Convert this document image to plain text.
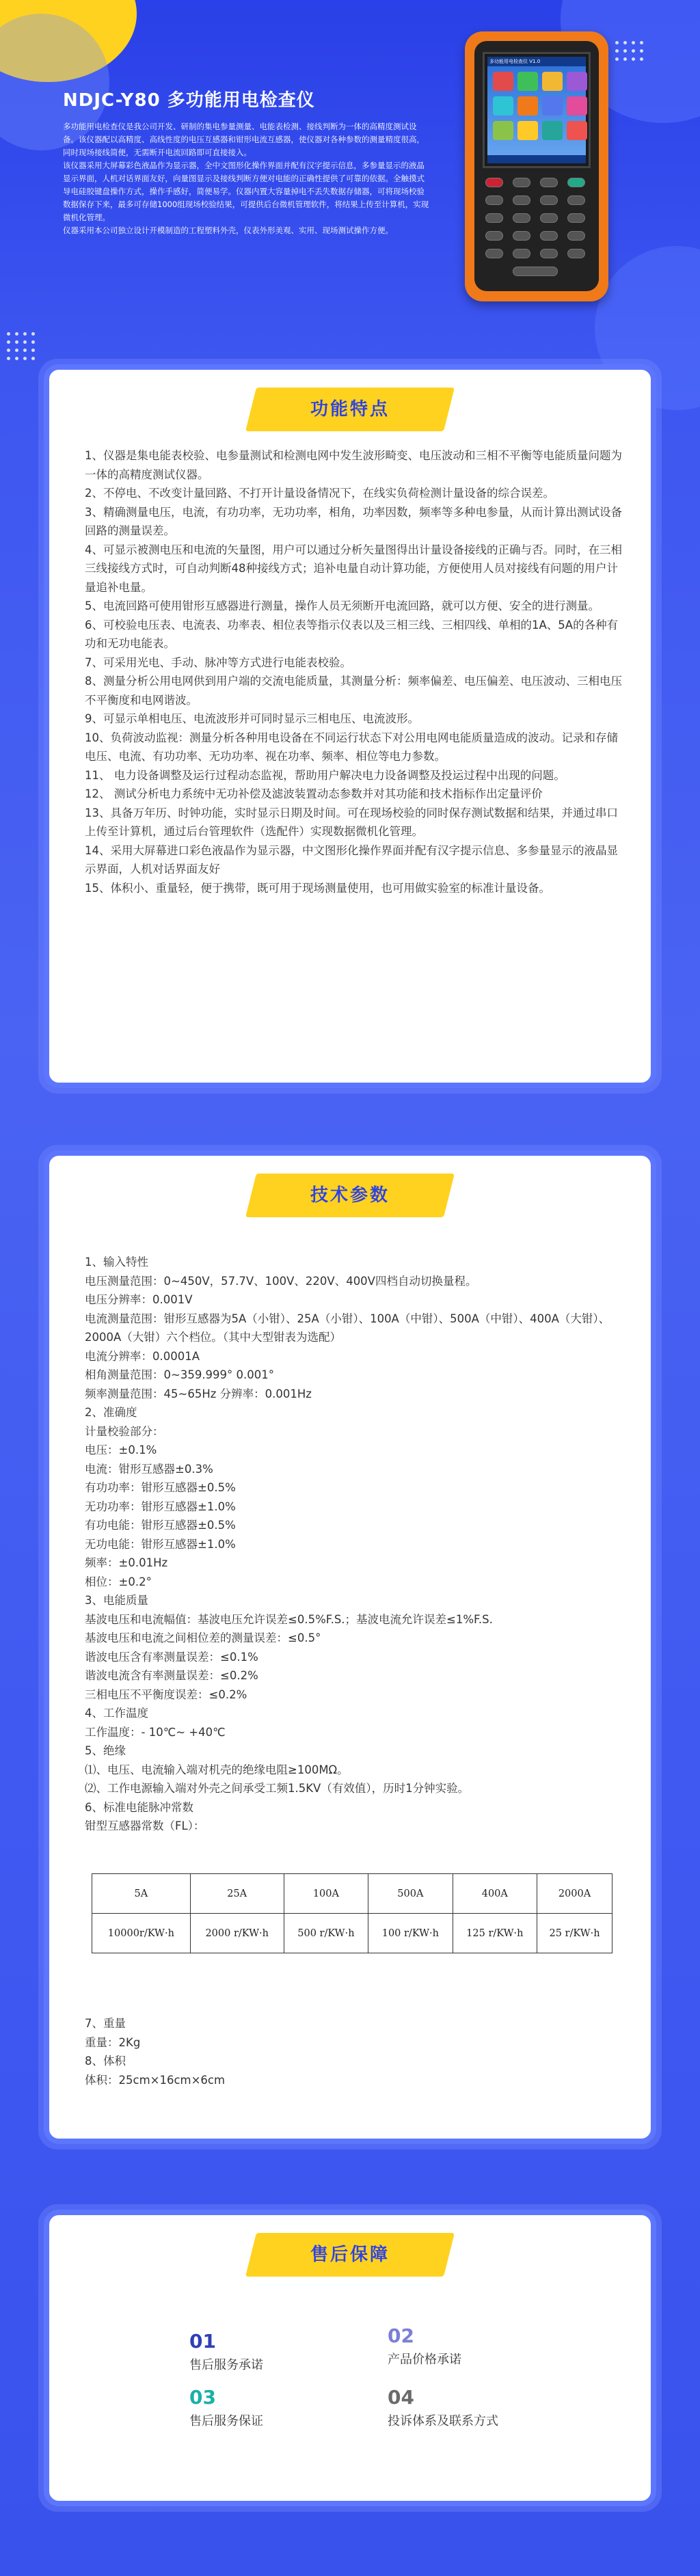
NDJC-Y80 多功能用电检查仪

多功能用电检查仪是我公司开发、研制的集电参量测量、电能表检测、接线判断为一体的高精度测试设备。该仪器配以高精度、高线性度的电压互感器和钳形电流互感器，使仪器对各种参数的测量精度很高，同时现场接线简便，无需断开电流回路即可直接接入。

该仪器采用大屏幕彩色液晶作为显示器，全中文图形化操作界面并配有汉字提示信息，多参量显示的液晶显示界面，人机对话界面友好，向量图显示及接线判断方便对电能的正确性提供了可靠的依据。全触摸式导电硅胶键盘操作方式，操作手感好，简便易学。仪器内置大容量掉电不丢失数据存储器，可将现场校验数据保存下来，最多可存储1000组现场校验结果，可提供后台微机管理软件，将结果上传至计算机，实现微机化管理。

仪器采用本公司独立设计开模制造的工程塑料外壳，仪表外形美观、实用、现场测试操作方便。

多功能用电检查仪 V1.0
功能特点

1、仪器是集电能表校验、电参量测试和检测电网中发生波形畸变、电压波动和三相不平衡等电能质量问题为一体的高精度测试仪器。

2、不停电、不改变计量回路、不打开计量设备情况下，在线实负荷检测计量设备的综合误差。

3、精确测量电压，电流，有功功率，无功功率，相角，功率因数，频率等多种电参量，从而计算出测试设备回路的测量误差。

4、可显示被测电压和电流的矢量图，用户可以通过分析矢量图得出计量设备接线的正确与否。同时，在三相三线接线方式时，可自动判断48种接线方式；追补电量自动计算功能，方便使用人员对接线有问题的用户计量追补电量。

5、电流回路可使用钳形互感器进行测量，操作人员无须断开电流回路，就可以方便、安全的进行测量。

6、可校验电压表、电流表、功率表、相位表等指示仪表以及三相三线、三相四线、单相的1A、5A的各种有功和无功电能表。

7、可采用光电、手动、脉冲等方式进行电能表校验。

8、测量分析公用电网供到用户端的交流电能质量，其测量分析：频率偏差、电压偏差、电压波动、三相电压不平衡度和电网谐波。

9、可显示单相电压、电流波形并可同时显示三相电压、电流波形。

10、负荷波动监视：测量分析各种用电设备在不同运行状态下对公用电网电能质量造成的波动。记录和存储电压、电流、有功功率、无功功率、视在功率、频率、相位等电力参数。

11、 电力设备调整及运行过程动态监视，帮助用户解决电力设备调整及投运过程中出现的问题。

12、 测试分析电力系统中无功补偿及滤波装置动态参数并对其功能和技术指标作出定量评价

13、具备万年历、时钟功能，实时显示日期及时间。可在现场校验的同时保存测试数据和结果，并通过串口上传至计算机，通过后台管理软件（选配件）实现数据微机化管理。

14、采用大屏幕进口彩色液晶作为显示器，中文图形化操作界面并配有汉字提示信息、多参量显示的液晶显示界面，人机对话界面友好

15、体积小、重量轻，便于携带，既可用于现场测量使用，也可用做实验室的标准计量设备。

技术参数

1、输入特性

电压测量范围：0~450V，57.7V、100V、220V、400V四档自动切换量程。

电压分辨率：0.001V

电流测量范围：钳形互感器为5A（小钳）、25A（小钳）、100A（中钳）、500A（中钳）、400A（大钳）、2000A（大钳）六个档位。（其中大型钳表为选配）

电流分辨率：0.0001A

相角测量范围：0~359.999° 0.001°

频率测量范围：45~65Hz 分辨率：0.001Hz

2、准确度

计量校验部分：

电压：±0.1%

电流：钳形互感器±0.3%

有功功率：钳形互感器±0.5%

无功功率：钳形互感器±1.0%

有功电能：钳形互感器±0.5%

无功电能：钳形互感器±1.0%

频率：±0.01Hz

相位：±0.2°

3、电能质量

基波电压和电流幅值：基波电压允许误差≤0.5%F.S.；基波电流允许误差≤1%F.S.

基波电压和电流之间相位差的测量误差：≤0.5°

谐波电压含有率测量误差：≤0.1%

谐波电流含有率测量误差：≤0.2%

三相电压不平衡度误差：≤0.2%

4、工作温度

工作温度：- 10℃~ +40℃

5、绝缘

⑴、电压、电流输入端对机壳的绝缘电阻≥100MΩ。

⑵、工作电源输入端对外壳之间承受工频1.5KV（有效值），历时1分钟实验。

6、标准电能脉冲常数

钳型互感器常数（FL）：

5A	25A	100A	500A	400A	2000A
10000r/KW·h	2000 r/KW·h	500 r/KW·h	100 r/KW·h	125 r/KW·h	25 r/KW·h

7、重量

重量：2Kg

8、体积

体积：25cm×16cm×6cm

售后保障
01
售后服务承诺
02
产品价格承诺
03
售后服务保证
04
投诉体系及联系方式
